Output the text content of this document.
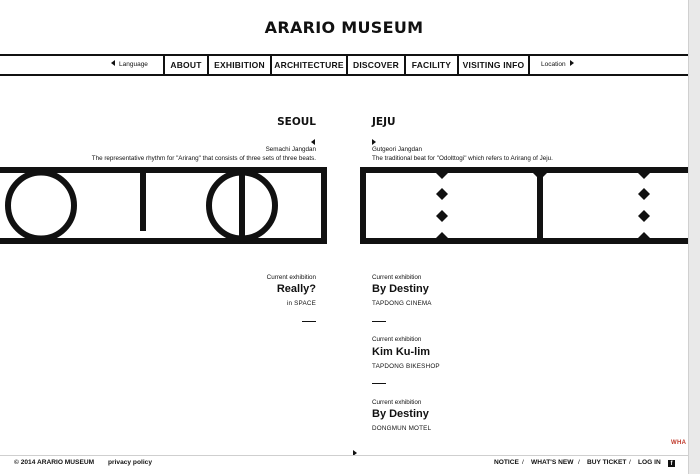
ARARIO MUSEUM
Language	ABOUT	EXHIBITION	ARCHITECTURE	DISCOVER	FACILITY	VISITING INFO	Location
SEOUL
Semachi Jangdan
The representative rhythm for "Arirang" that consists of three sets of three beats.
JEJU
Gutgeori Jangdan
The traditional beat for "Odolttogi" which refers to Arirang of Jeju.
Current exhibition
Really?
in SPACE
Current exhibition
By Destiny
TAPDONG CINEMA
Current exhibition
Kim Ku-lim
TAPDONG BIKESHOP
Current exhibition
By Destiny
DONGMUN MOTEL
WHA
© 2014 ARARIO MUSEUM privacy policy	NOTICE / WHAT'S NEW / BUY TICKET / LOG IN	f
